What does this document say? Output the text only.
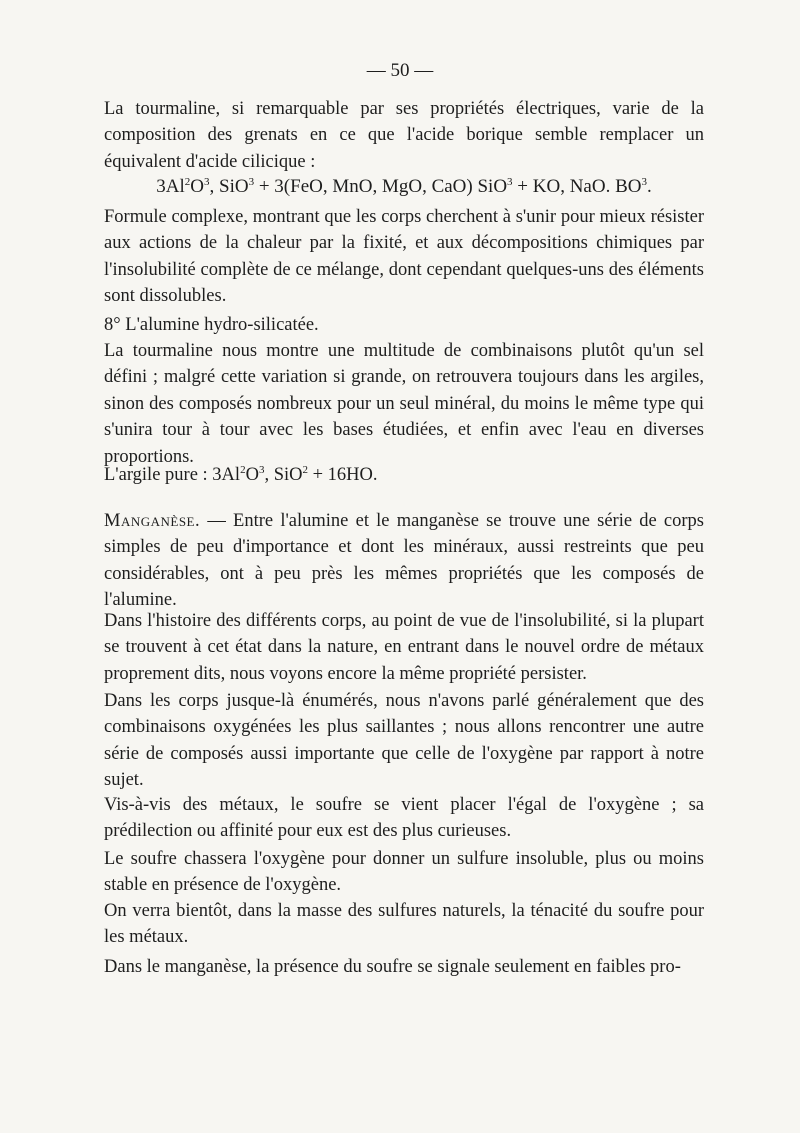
— 50 —
La tourmaline, si remarquable par ses propriétés électriques, varie de la composition des grenats en ce que l'acide borique semble remplacer un équivalent d'acide cilicique :
$3Al^2O^3$, SiO$^3$ + 3(FeO, MnO, MgO, CaO) SiO$^3$ + KO, NaO. $BO^3$.
Formule complexe, montrant que les corps cherchent à s'unir pour mieux résister aux actions de la chaleur par la fixité, et aux décompositions chimiques par l'insolubilité complète de ce mélange, dont cependant quelques-uns des éléments sont dissolubles.
8° L'alumine hydro-silicatée.
La tourmaline nous montre une multitude de combinaisons plutôt qu'un sel défini ; malgré cette variation si grande, on retrouvera toujours dans les argiles, sinon des composés nombreux pour un seul minéral, du moins le même type qui s'unira tour à tour avec les bases étudiées, et enfin avec l'eau en diverses proportions.
L'argile pure : $3Al^2O^3$, SiO$^2$ + 16HO.
Manganèse. — Entre l'alumine et le manganèse se trouve une série de corps simples de peu d'importance et dont les minéraux, aussi restreints que peu considérables, ont à peu près les mêmes propriétés que les composés de l'alumine.
Dans l'histoire des différents corps, au point de vue de l'insolubilité, si la plupart se trouvent à cet état dans la nature, en entrant dans le nouvel ordre de métaux proprement dits, nous voyons encore la même propriété persister.
Dans les corps jusque-là énumérés, nous n'avons parlé généralement que des combinaisons oxygénées les plus saillantes ; nous allons rencontrer une autre série de composés aussi importante que celle de l'oxygène par rapport à notre sujet.
Vis-à-vis des métaux, le soufre se vient placer l'égal de l'oxygène ; sa prédilection ou affinité pour eux est des plus curieuses.
Le soufre chassera l'oxygène pour donner un sulfure insoluble, plus ou moins stable en présence de l'oxygène.
On verra bientôt, dans la masse des sulfures naturels, la ténacité du soufre pour les métaux.
Dans le manganèse, la présence du soufre se signale seulement en faibles pro-
